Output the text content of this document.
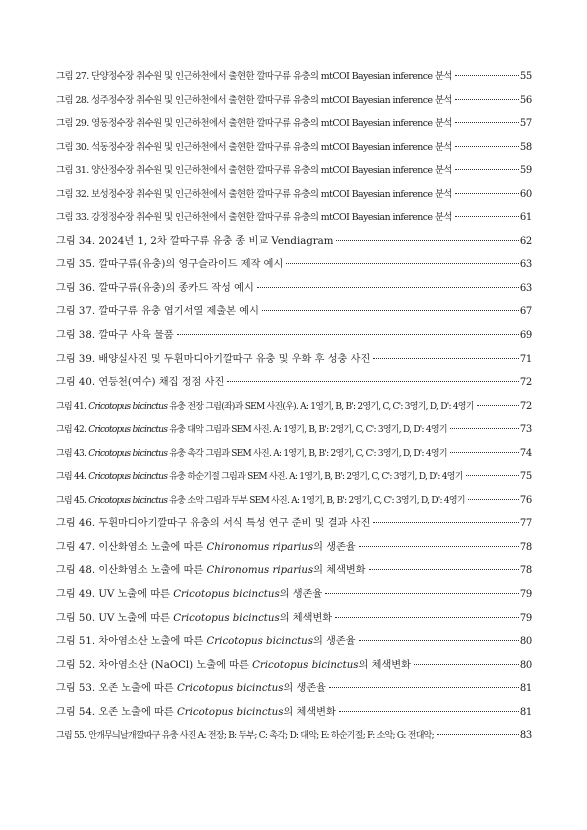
그림 27. 단양정수장 취수원 및 인근하천에서 출현한 깔따구류 유충의 mtCOI Bayesian inference 분석	55
그림 28. 성주정수장 취수원 및 인근하천에서 출현한 깔따구류 유충의 mtCOI Bayesian inference 분석	56
그림 29. 영동정수장 취수원 및 인근하천에서 출현한 깔따구류 유충의 mtCOI Bayesian inference 분석	57
그림 30. 석동정수장 취수원 및 인근하천에서 출현한 깔따구류 유충의 mtCOI Bayesian inference 분석	58
그림 31. 양산정수장 취수원 및 인근하천에서 출현한 깔따구류 유충의 mtCOI Bayesian inference 분석	59
그림 32. 보성정수장 취수원 및 인근하천에서 출현한 깔따구류 유충의 mtCOI Bayesian inference 분석	60
그림 33. 강정정수장 취수원 및 인근하천에서 출현한 깔따구류 유충의 mtCOI Bayesian inference 분석	61
그림 34. 2024년 1, 2차 깔따구류 유충 종 비교 Vendiagram	62
그림 35. 깔따구류(유충)의 영구슬라이드 제작 예시	63
그림 36. 깔따구류(유충)의 종카드 작성 예시	63
그림 37. 깔따구류 유충 엽기서열 제출본 예시	67
그림 38. 깔따구 사육 물품	69
그림 39. 배양실사진 및 두휜마디아기깔따구 유충 및 우화 후 성충 사진	71
그림 40. 연등천(여수) 채집 정점 사진	72
그림 41. Cricotopus bicinctus 유충 전장 그림(좌)과 SEM 사진(우). A: 1영기, B, B': 2영기, C, C': 3영기, D, D': 4영기	72
그림 42. Cricotopus bicinctus 유충 대악 그림과 SEM 사진. A: 1영기, B, B': 2영기, C, C': 3영기, D, D': 4영기	73
그림 43. Cricotopus bicinctus 유충 촉각 그림과 SEM 사진. A: 1영기, B, B': 2영기, C, C': 3영기, D, D': 4영기	74
그림 44. Cricotopus bicinctus 유충 하순기절 그림과 SEM 사진. A: 1영기, B, B': 2영기, C, C': 3영기, D, D': 4영기	75
그림 45. Cricotopus bicinctus 유충 소악 그림과 두부 SEM 사진. A: 1영기, B, B': 2영기, C, C': 3영기, D, D': 4영기	76
그림 46. 두휜마디아기깔따구 유충의 서식 특성 연구 준비 및 결과 사진	77
그림 47. 이산화염소 노출에 따른 Chironomus riparius의 생존율	78
그림 48. 이산화염소 노출에 따른 Chironomus riparius의 체색변화	78
그림 49. UV 노출에 따른 Cricotopus bicinctus의 생존율	79
그림 50. UV 노출에 따른 Cricotopus bicinctus의 체색변화	79
그림 51. 차아염소산 노출에 따른 Cricotopus bicinctus의 생존율	80
그림 52. 차아염소산 (NaOCl) 노출에 따른 Cricotopus bicinctus의 체색변화	80
그림 53. 오존 노출에 따른 Cricotopus bicinctus의 생존율	81
그림 54. 오존 노출에 따른 Cricotopus bicinctus의 체색변화	81
그림 55. 안개무늬날개깔따구 유충 사진 A: 전장; B: 두부; C: 촉각; D: 대악; E: 하순기절; F: 소악; G: 전대악;	83
